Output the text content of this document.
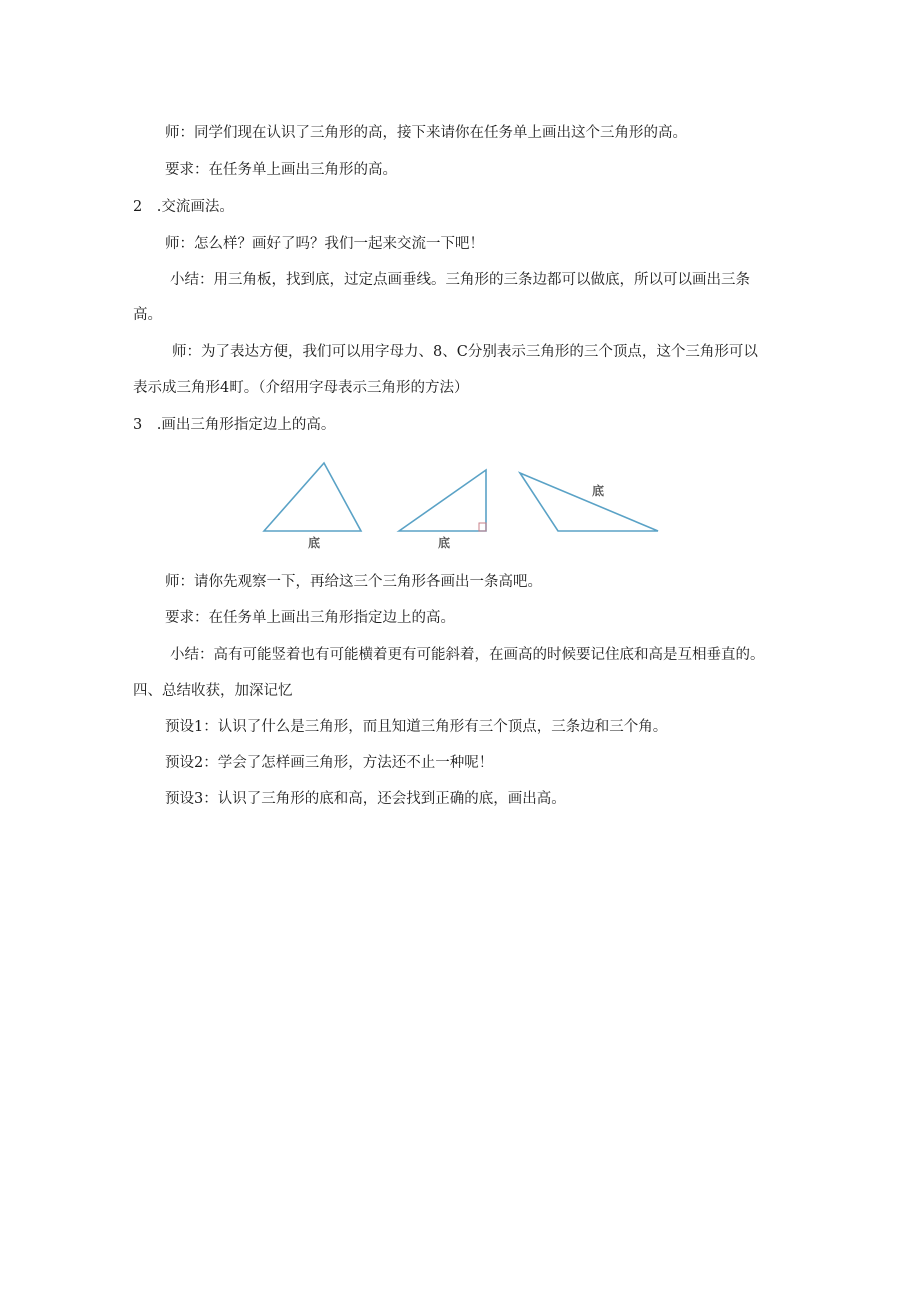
师：同学们现在认识了三角形的高，接下来请你在任务单上画出这个三角形的高。
要求：在任务单上画出三角形的高。
2　.交流画法。
师：怎么样？画好了吗？我们一起来交流一下吧！
小结：用三角板，找到底，过定点画垂线。三角形的三条边都可以做底，所以可以画出三条
高。
师：为了表达方便，我们可以用字母力、8、C分别表示三角形的三个顶点，这个三角形可以
表示成三角形4町。（介绍用字母表示三角形的方法）
3　.画出三角形指定边上的高。
底	底
底
师：请你先观察一下，再给这三个三角形各画出一条高吧。
要求：在任务单上画出三角形指定边上的高。
小结：高有可能竖着也有可能横着更有可能斜着，在画高的时候要记住底和高是互相垂直的。
四、总结收获，加深记忆
预设1：认识了什么是三角形，而且知道三角形有三个顶点，三条边和三个角。
预设2：学会了怎样画三角形，方法还不止一种呢！
预设3：认识了三角形的底和高，还会找到正确的底，画出高。
